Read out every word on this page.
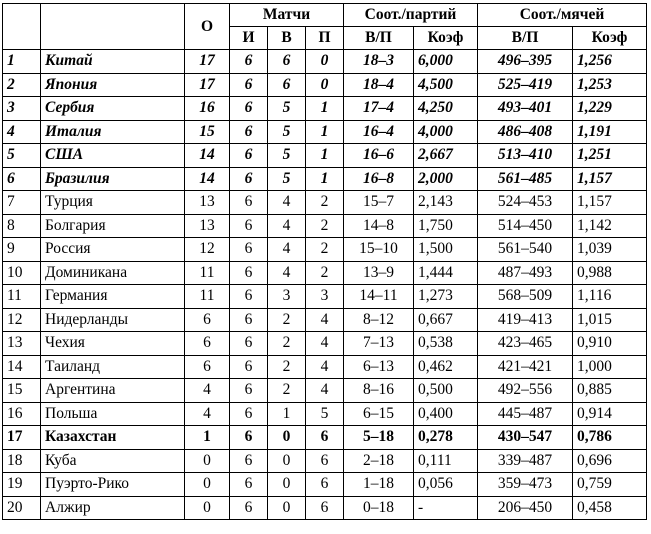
		О	Матчи			Соот./партий		Соот./мячей	
			И	В	П	В/П	Коэф	В/П	Коэф
1	Китай	17	6	6	0	18–3	6,000	496–395	1,256
2	Япония	17	6	6	0	18–4	4,500	525–419	1,253
3	Сербия	16	6	5	1	17–4	4,250	493–401	1,229
4	Италия	15	6	5	1	16–4	4,000	486–408	1,191
5	США	14	6	5	1	16–6	2,667	513–410	1,251
6	Бразилия	14	6	5	1	16–8	2,000	561–485	1,157
7	Турция	13	6	4	2	15–7	2,143	524–453	1,157
8	Болгария	13	6	4	2	14–8	1,750	514–450	1,142
9	Россия	12	6	4	2	15–10	1,500	561–540	1,039
10	Доминикана	11	6	4	2	13–9	1,444	487–493	0,988
11	Германия	11	6	3	3	14–11	1,273	568–509	1,116
12	Нидерланды	6	6	2	4	8–12	0,667	419–413	1,015
13	Чехия	6	6	2	4	7–13	0,538	423–465	0,910
14	Таиланд	6	6	2	4	6–13	0,462	421–421	1,000
15	Аргентина	4	6	2	4	8–16	0,500	492–556	0,885
16	Польша	4	6	1	5	6–15	0,400	445–487	0,914
17	Казахстан	1	6	0	6	5–18	0,278	430–547	0,786
18	Куба	0	6	0	6	2–18	0,111	339–487	0,696
19	Пуэрто-Рико	0	6	0	6	1–18	0,056	359–473	0,759
20	Алжир	0	6	0	6	0–18	-	206–450	0,458
